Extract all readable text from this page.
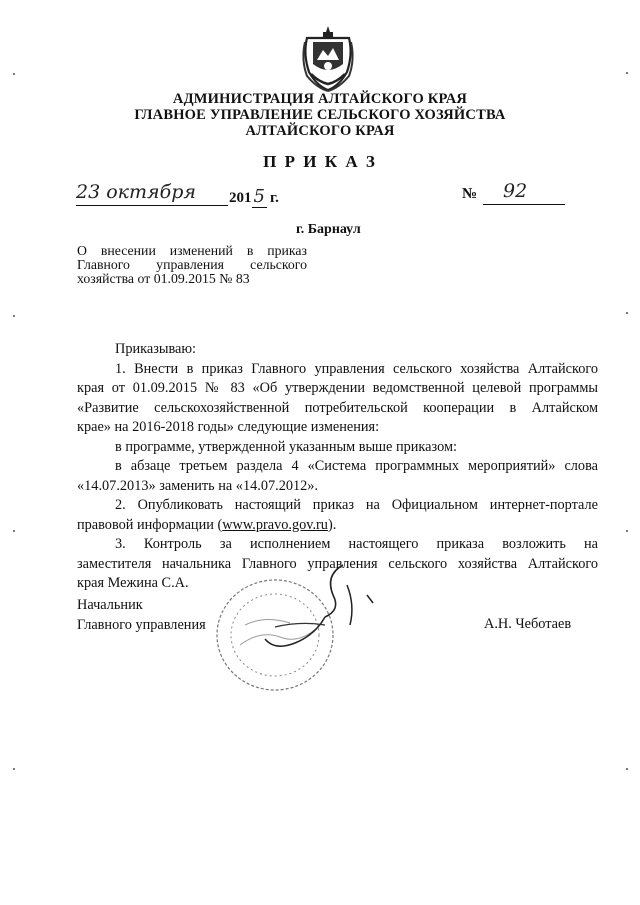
АДМИНИСТРАЦИЯ АЛТАЙСКОГО КРАЯ
ГЛАВНОЕ УПРАВЛЕНИЕ СЕЛЬСКОГО ХОЗЯЙСТВА
АЛТАЙСКОГО КРАЯ
П Р И К А З
23 октября 201 5 г.	№ 92
г. Барнаул
О внесении изменений в приказ
Главного управления сельского
хозяйства от 01.09.2015 № 83
Приказываю:
1. Внести в приказ Главного управления сельского хозяйства Алтайского
края от 01.09.2015 № 83 «Об утверждении ведомственной целевой программы
«Развитие сельскохозяйственной потребительской кооперации в Алтайском
крае» на 2016-2018 годы» следующие изменения:
в программе, утвержденной указанным выше приказом:
в абзаце третьем раздела 4 «Система программных мероприятий» слова
«14.07.2013» заменить на «14.07.2012».
2. Опубликовать настоящий приказ на Официальном интернет-портале
правовой информации (www.pravo.gov.ru).
3. Контроль за исполнением настоящего приказа возложить на
заместителя начальника Главного управления сельского хозяйства Алтайского
края Межина С.А.
Начальник
Главного управления	А.Н. Чеботаев
